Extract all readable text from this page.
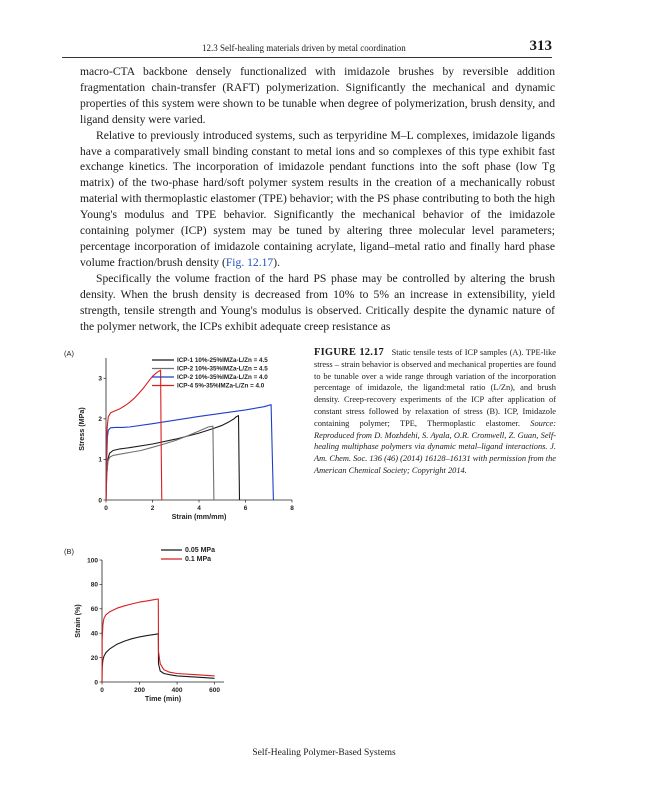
12.3 Self-healing materials driven by metal coordination	313

macro-CTA backbone densely functionalized with imidazole brushes by reversible addition fragmentation chain-transfer (RAFT) polymerization. Significantly the mechanical and dynamic properties of this system were shown to be tunable when degree of polymerization, brush density, and ligand density were varied.

Relative to previously introduced systems, such as terpyridine M–L complexes, imidazole ligands have a comparatively small binding constant to metal ions and so complexes of this type exhibit fast exchange kinetics. The incorporation of imidazole pendant functions into the soft phase (low Tg matrix) of the two-phase hard/soft polymer system results in the creation of a mechanically robust material with thermoplastic elastomer (TPE) behavior; with the PS phase contributing to both the high Young's modulus and TPE behavior. Significantly the mechanical behavior of the imidazole containing polymer (ICP) system may be tuned by altering three molecular level parameters; percentage incorporation of imidazole containing acrylate, ligand–metal ratio and finally hard phase volume fraction/brush density (Fig. 12.17).

Specifically the volume fraction of the hard PS phase may be controlled by altering the brush density. When the brush density is decreased from 10% to 5% an increase in extensibility, yield strength, tensile strength and Young's modulus is observed. Critically despite the dynamic nature of the polymer network, the ICPs exhibit adequate creep resistance as

(A)
0	2	4	6	8
0
1
2
3
Strain (mm/mm)
Stress (MPa)
ICP-1 10%-25%IMZa-L/Zn = 4.5
ICP-2 10%-35%IMZa-L/Zn = 4.5
ICP-2 10%-35%IMZa-L/Zn = 4.0
ICP-4 5%-35%IMZa-L/Zn = 4.0
(B)
0	200	400	600
0
20
40
60
80
100
Time (min)
Strain (%)
0.05 MPa
0.1 MPa
FIGURE 12.17 Static tensile tests of ICP samples (A). TPE-like stress – strain behavior is observed and mechanical properties are found to be tunable over a wide range through variation of the incorporation percentage of imidazole, the ligand:metal ratio (L/Zn), and brush density. Creep-recovery experiments of the ICP after application of constant stress followed by relaxation of stress (B). ICP, Imidazole containing polymer; TPE, Thermoplastic elastomer. Source: Reproduced from D. Mozhdehi, S. Ayala, O.R. Cromwell, Z. Guan, Self-healing multiphase polymers via dynamic metal–ligand interactions. J. Am. Chem. Soc. 136 (46) (2014) 16128–16131 with permission from the American Chemical Society; Copyright 2014.
Self-Healing Polymer-Based Systems
